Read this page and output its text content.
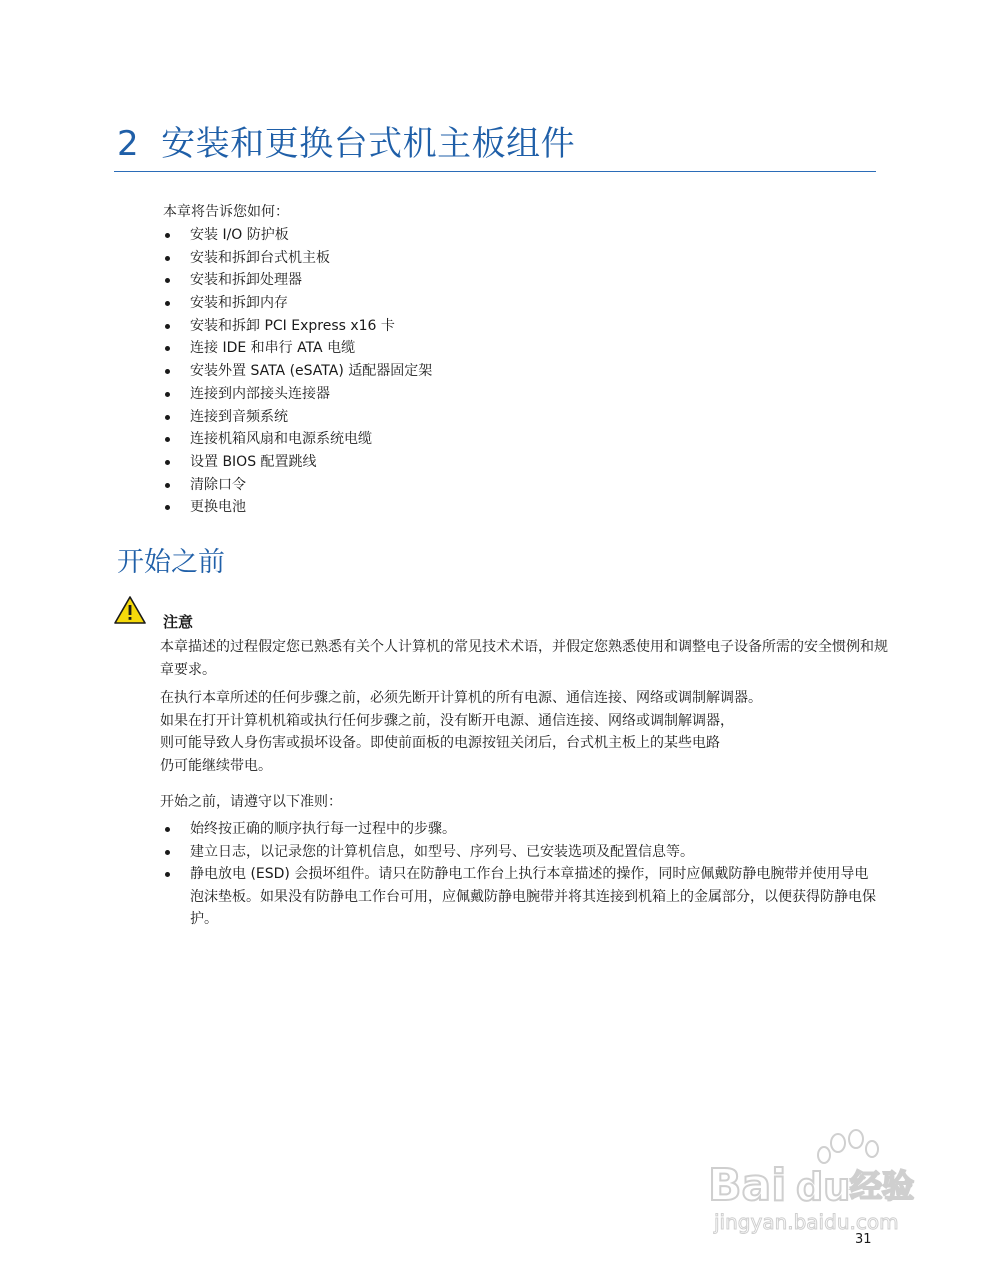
2 安装和更换台式机主板组件
本章将告诉您如何：
安装 I/O 防护板
安装和拆卸台式机主板
安装和拆卸处理器
安装和拆卸内存
安装和拆卸 PCI Express x16 卡
连接 IDE 和串行 ATA 电缆
安装外置 SATA (eSATA) 适配器固定架
连接到内部接头连接器
连接到音频系统
连接机箱风扇和电源系统电缆
设置 BIOS 配置跳线
清除口令
更换电池
开始之前
注意

本章描述的过程假定您已熟悉有关个人计算机的常见技术术语，并假定您熟悉使用和调整电子设备所需的安全惯例和规章要求。

在执行本章所述的任何步骤之前，必须先断开计算机的所有电源、通信连接、网络或调制解调器。
如果在打开计算机机箱或执行任何步骤之前，没有断开电源、通信连接、网络或调制解调器，
则可能导致人身伤害或损坏设备。即使前面板的电源按钮关闭后，台式机主板上的某些电路
仍可能继续带电。

开始之前，请遵守以下准则：
始终按正确的顺序执行每一过程中的步骤。
建立日志，以记录您的计算机信息，如型号、序列号、已安装选项及配置信息等。
静电放电 (ESD) 会损坏组件。请只在防静电工作台上执行本章描述的操作，同时应佩戴防静电腕带并使用导电泡沫垫板。如果没有防静电工作台可用，应佩戴防静电腕带并将其连接到机箱上的金属部分，以便获得防静电保护。
Bai du 经验
jingyan.baidu.com
31
